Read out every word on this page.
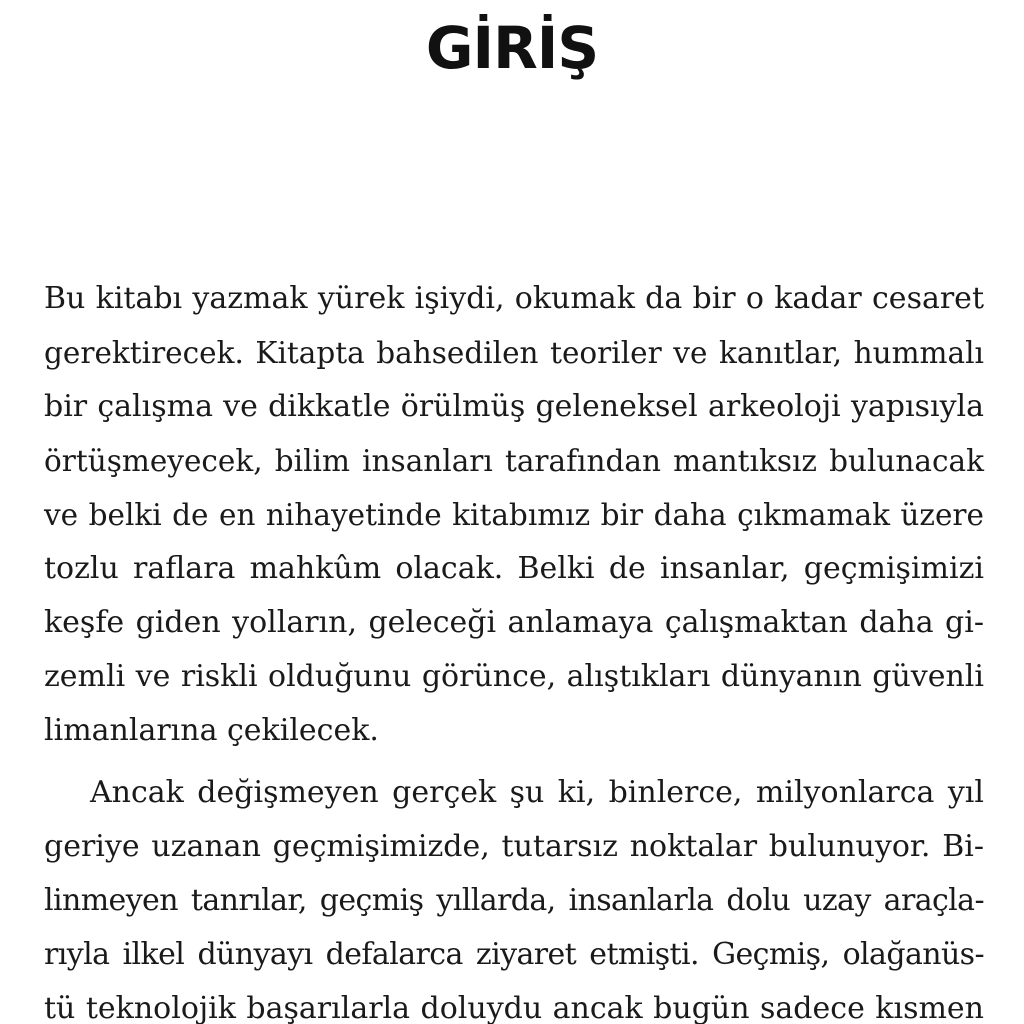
GİRİŞ

Bu kitabı yazmak yürek işiydi, okumak da bir o kadar cesaret
gerektirecek. Kitapta bahsedilen teoriler ve kanıtlar, hummalı
bir çalışma ve dikkatle örülmüş geleneksel arkeoloji yapısıyla
örtüşmeyecek, bilim insanları tarafından mantıksız bulunacak
ve belki de en nihayetinde kitabımız bir daha çıkmamak üzere
tozlu raflara mahkûm olacak. Belki de insanlar, geçmişimizi
keşfe giden yolların, geleceği anlamaya çalışmaktan daha gi-
zemli ve riskli olduğunu görünce, alıştıkları dünyanın güvenli
limanlarına çekilecek.

Ancak değişmeyen gerçek şu ki, binlerce, milyonlarca yıl
geriye uzanan geçmişimizde, tutarsız noktalar bulunuyor. Bi-
linmeyen tanrılar, geçmiş yıllarda, insanlarla dolu uzay araçla-
rıyla ilkel dünyayı defalarca ziyaret etmişti. Geçmiş, olağanüs-
tü teknolojik başarılarla doluydu ancak bugün sadece kısmen
